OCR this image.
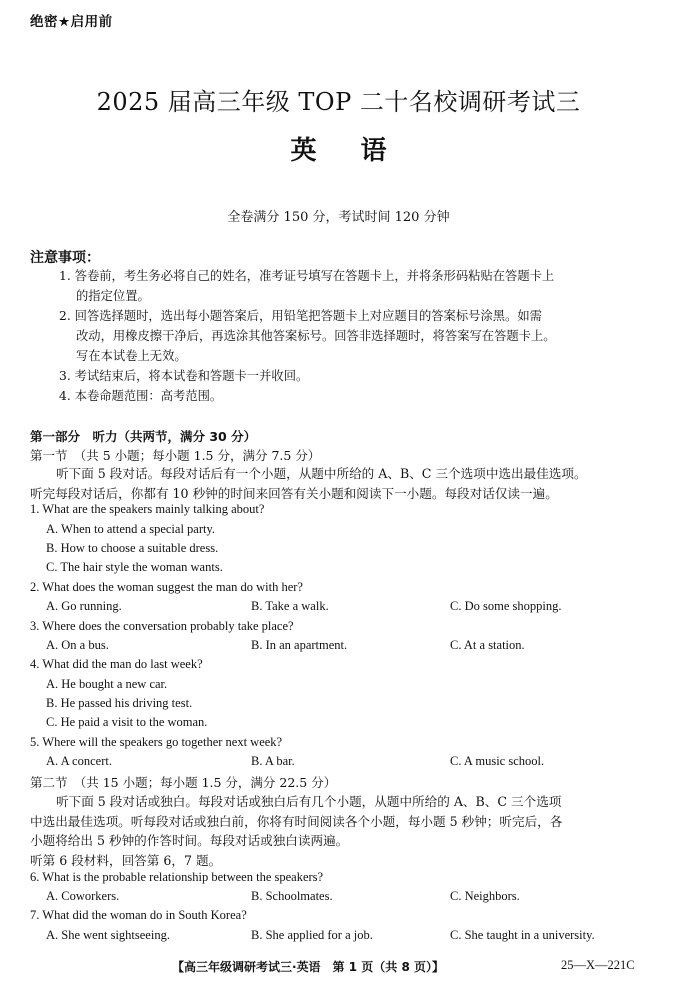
绝密★启用前
2025 届高三年级 TOP 二十名校调研考试三
英 语
全卷满分 150 分，考试时间 120 分钟
注意事项：
1. 答卷前，考生务必将自己的姓名，准考证号填写在答题卡上，并将条形码粘贴在答题卡上
的指定位置。
2. 回答选择题时，选出每小题答案后，用铅笔把答题卡上对应题目的答案标号涂黑。如需
改动，用橡皮擦干净后，再选涂其他答案标号。回答非选择题时，将答案写在答题卡上。
写在本试卷上无效。
3. 考试结束后，将本试卷和答题卡一并收回。
4. 本卷命题范围：高考范围。
第一部分　听力（共两节，满分 30 分）
第一节　（共 5 小题；每小题 1.5 分，满分 7.5 分）
听下面 5 段对话。每段对话后有一个小题，从题中所给的 A、B、C 三个选项中选出最佳选项。
听完每段对话后，你都有 10 秒钟的时间来回答有关小题和阅读下一小题。每段对话仅读一遍。
1. What are the speakers mainly talking about?
A. When to attend a special party.
B. How to choose a suitable dress.
C. The hair style the woman wants.
2. What does the woman suggest the man do with her?
A. Go running.	B. Take a walk.	C. Do some shopping.
3. Where does the conversation probably take place?
A. On a bus.	B. In an apartment.	C. At a station.
4. What did the man do last week?
A. He bought a new car.
B. He passed his driving test.
C. He paid a visit to the woman.
5. Where will the speakers go together next week?
A. A concert.	B. A bar.	C. A music school.
第二节　（共 15 小题；每小题 1.5 分，满分 22.5 分）
听下面 5 段对话或独白。每段对话或独白后有几个小题，从题中所给的 A、B、C 三个选项
中选出最佳选项。听每段对话或独白前，你将有时间阅读各个小题，每小题 5 秒钟；听完后，各
小题将给出 5 秒钟的作答时间。每段对话或独白读两遍。
听第 6 段材料，回答第 6，7 题。
6. What is the probable relationship between the speakers?
A. Coworkers.	B. Schoolmates.	C. Neighbors.
7. What did the woman do in South Korea?
A. She went sightseeing.	B. She applied for a job.	C. She taught in a university.
【高三年级调研考试三·英语　第 1 页（共 8 页）】	25—X—221C
